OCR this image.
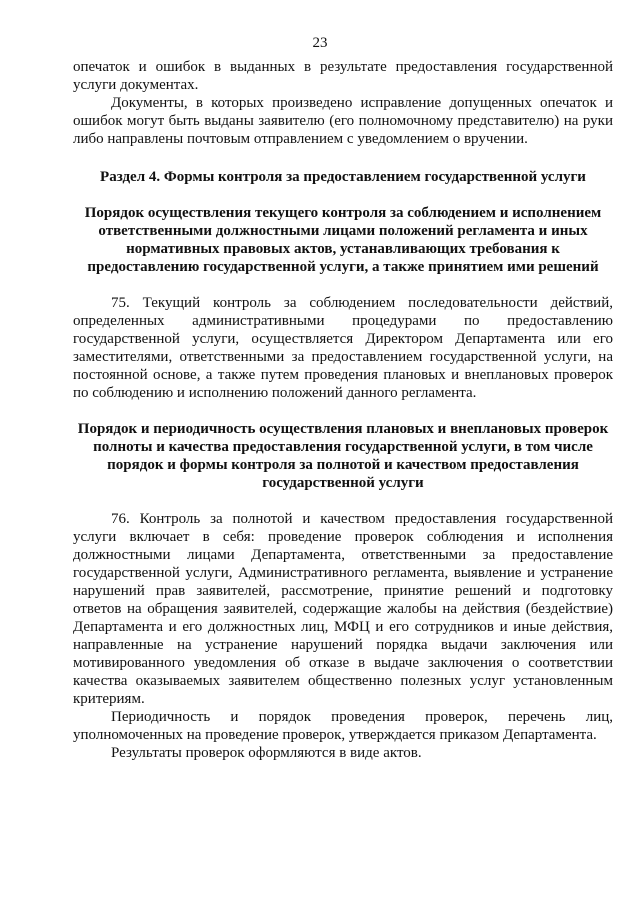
23

опечаток и ошибок в выданных в результате предоставления государственной услуги документах.

Документы, в которых произведено исправление допущенных опечаток и ошибок могут быть выданы заявителю (его полномочному представителю) на руки либо направлены почтовым отправлением с уведомлением о вручении.

Раздел 4. Формы контроля за предоставлением государственной услуги
Порядок осуществления текущего контроля за соблюдением и исполнением ответственными должностными лицами положений регламента и иных нормативных правовых актов, устанавливающих требования к предоставлению государственной услуги, а также принятием ими решений

75. Текущий контроль за соблюдением последовательности действий, определенных административными процедурами по предоставлению государственной услуги, осуществляется Директором Департамента или его заместителями, ответственными за предоставлением государственной услуги, на постоянной основе, а также путем проведения плановых и внеплановых проверок по соблюдению и исполнению положений данного регламента.

Порядок и периодичность осуществления плановых и внеплановых проверок полноты и качества предоставления государственной услуги, в том числе порядок и формы контроля за полнотой и качеством предоставления государственной услуги

76. Контроль за полнотой и качеством предоставления государственной услуги включает в себя: проведение проверок соблюдения и исполнения должностными лицами Департамента, ответственными за предоставление государственной услуги, Административного регламента, выявление и устранение нарушений прав заявителей, рассмотрение, принятие решений и подготовку ответов на обращения заявителей, содержащие жалобы на действия (бездействие) Департамента и его должностных лиц, МФЦ и его сотрудников и иные действия, направленные на устранение нарушений порядка выдачи заключения или мотивированного уведомления об отказе в выдаче заключения о соответствии качества оказываемых заявителем общественно полезных услуг установленным критериям.

Периодичность и порядок проведения проверок, перечень лиц, уполномоченных на проведение проверок, утверждается приказом Департамента.

Результаты проверок оформляются в виде актов.
